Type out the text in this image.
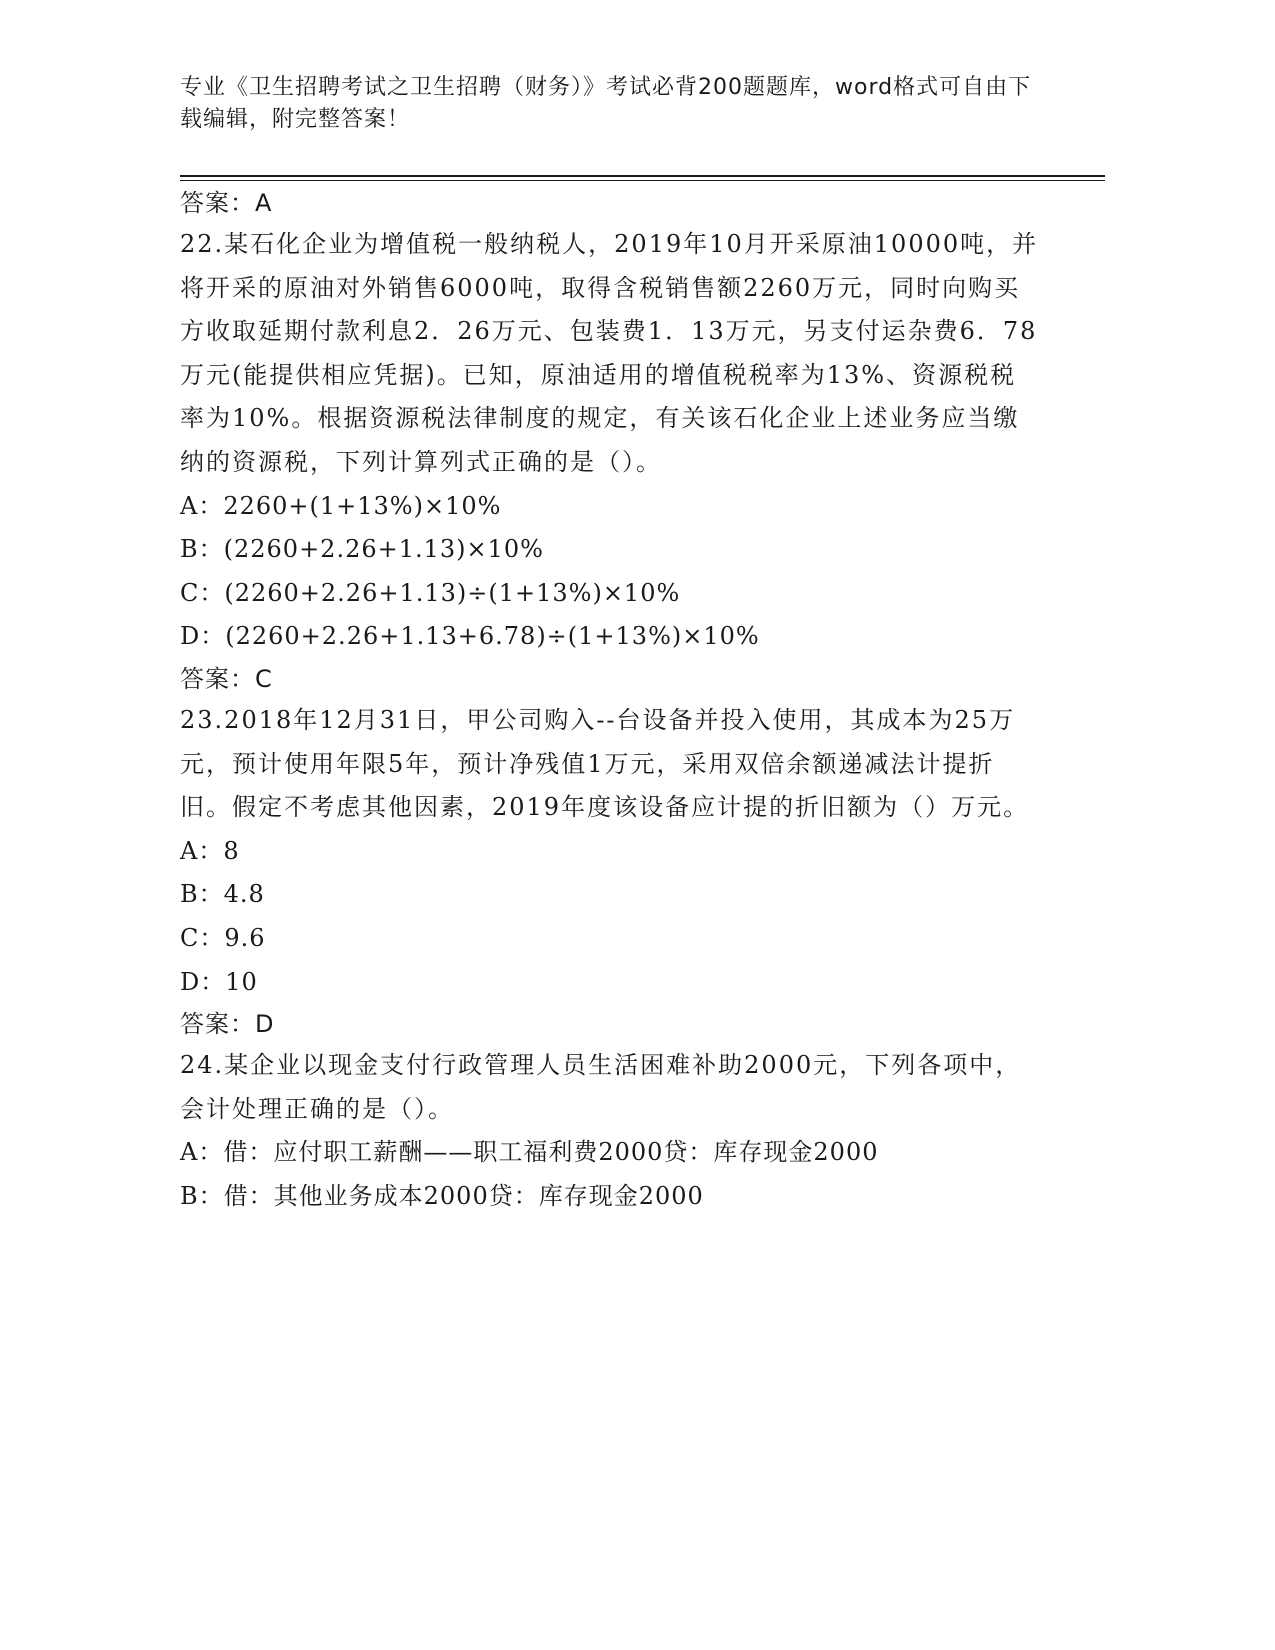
专业《卫生招聘考试之卫生招聘（财务）》考试必背200题题库，word格式可自由下载编辑，附完整答案！

答案：A

22.某石化企业为增值税一般纳税人，2019年10月开采原油10000吨，并将开采的原油对外销售6000吨，取得含税销售额2260万元，同时向购买方收取延期付款利息2．26万元、包装费1．13万元，另支付运杂费6．78万元(能提供相应凭据)。已知，原油适用的增值税税率为13%、资源税税率为10%。根据资源税法律制度的规定，有关该石化企业上述业务应当缴纳的资源税，下列计算列式正确的是（）。

A：2260+(1+13%)×10%

B：(2260+2.26+1.13)×10%

C：(2260+2.26+1.13)÷(1+13%)×10%

D：(2260+2.26+1.13+6.78)÷(1+13%)×10%

答案：C

23.2018年12月31日，甲公司购入--台设备并投入使用，其成本为25万元，预计使用年限5年，预计净残值1万元，采用双倍余额递减法计提折旧。假定不考虑其他因素，2019年度该设备应计提的折旧额为（）万元。

A：8

B：4.8

C：9.6

D：10

答案：D

24.某企业以现金支付行政管理人员生活困难补助2000元，下列各项中，会计处理正确的是（）。

A：借：应付职工薪酬——职工福利费2000贷：库存现金2000

B：借：其他业务成本2000贷：库存现金2000
